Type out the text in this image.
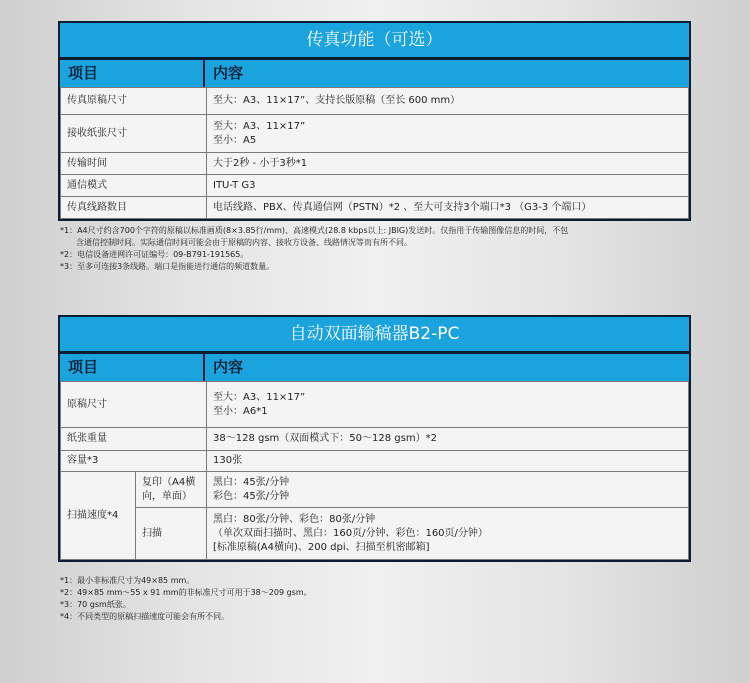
传真功能（可选）
项目	内容
传真原稿尺寸	至大：A3、11×17”、支持长版原稿（至长 600 mm）
接收纸张尺寸	至大：A3、11×17”
至小：A5

传输时间	大于2秒 - 小于3秒*1
通信模式	ITU-T G3
传真线路数目	电话线路、PBX、传真通信网（PSTN）*2 、至大可支持3个端口*3 （G3-3 个端口）
*1：A4尺寸约含700个字符的原稿以标准画质(8×3.85行/mm)、高速模式(28.8 kbps以上: JBIG)发送时。仅指用于传输图像信息的时间，不包
含通信控制时间。实际通信时间可能会由于原稿的内容、接收方设备、线路情况等而有所不同。
*2：电信设备进网许可证编号：09-B791-191565。
*3：至多可连接3条线路。端口是指能进行通信的频道数量。
自动双面输稿器B2-PC
项目	内容
原稿尺寸		至大：A3、11×17”
至小：A6*1

纸张重量		38～128 gsm（双面模式下：50～128 gsm）*2
容量*3		130张
扫描速度*4	复印（A4横向，单面）	黑白：45张/分钟
彩色：45张/分钟

	扫描	黑白：80张/分钟、彩色：80张/分钟
（单次双面扫描时、黑白：160页/分钟、彩色：160页/分钟）
[标准原稿(A4横向)、200 dpi、扫描至机密邮箱]
*1：最小非标准尺寸为49×85 mm。
*2：49×85 mm～55 x 91 mm的非标准尺寸可用于38～209 gsm。
*3：70 gsm纸张。
*4：不同类型的原稿扫描速度可能会有所不同。
